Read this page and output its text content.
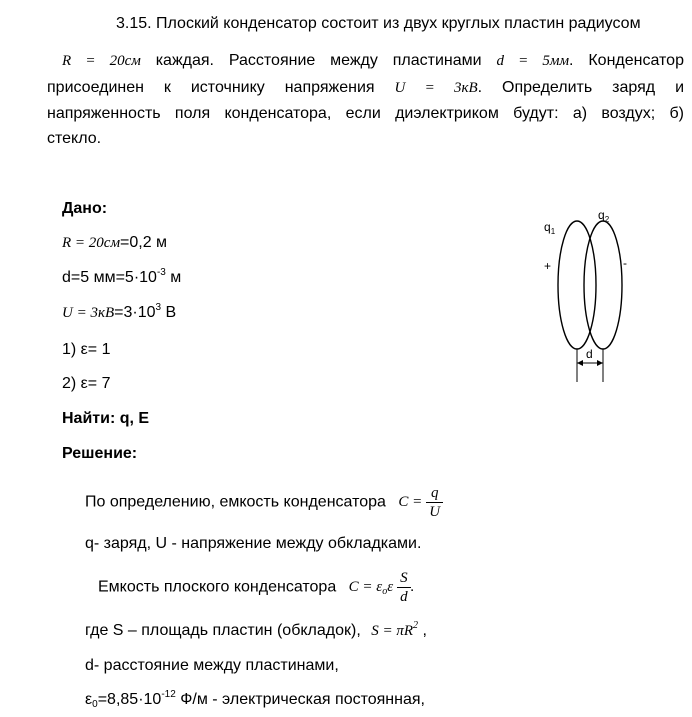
3.15. Плоский конденсатор состоит из двух круглых пластин радиусом
R = 20см каждая. Расстояние между пластинами d = 5мм. Конденсатор
присоединен к источнику напряжения U = 3кВ. Определить заряд и
напряженность поля конденсатора, если диэлектриком будут: а) воздух; б)
стекло.
Дано:
R = 20см=0,2 м
d=5 $мм=5\cdot 10^{-3}$ м
$U = 3кВ=3\cdot 10^3$ В
1) ε= 1
2) ε= 7
Найти: q, E
$q_1$
$q_2$
+	-
d
Решение:
По определению, емкость конденсатора $C = \frac{q}{U}$
q- заряд, U - напряжение между обкладками.
Емкость плоского конденсатора $C = \varepsilon_o\varepsilon \frac{S}{d}$ .
где S – площадь пластин (обкладок), $S = \pi R^2$ ,
d- расстояние между пластинами,
$\varepsilon_0=8,85\cdot 10^{-12}$ Ф/м - электрическая постоянная,
